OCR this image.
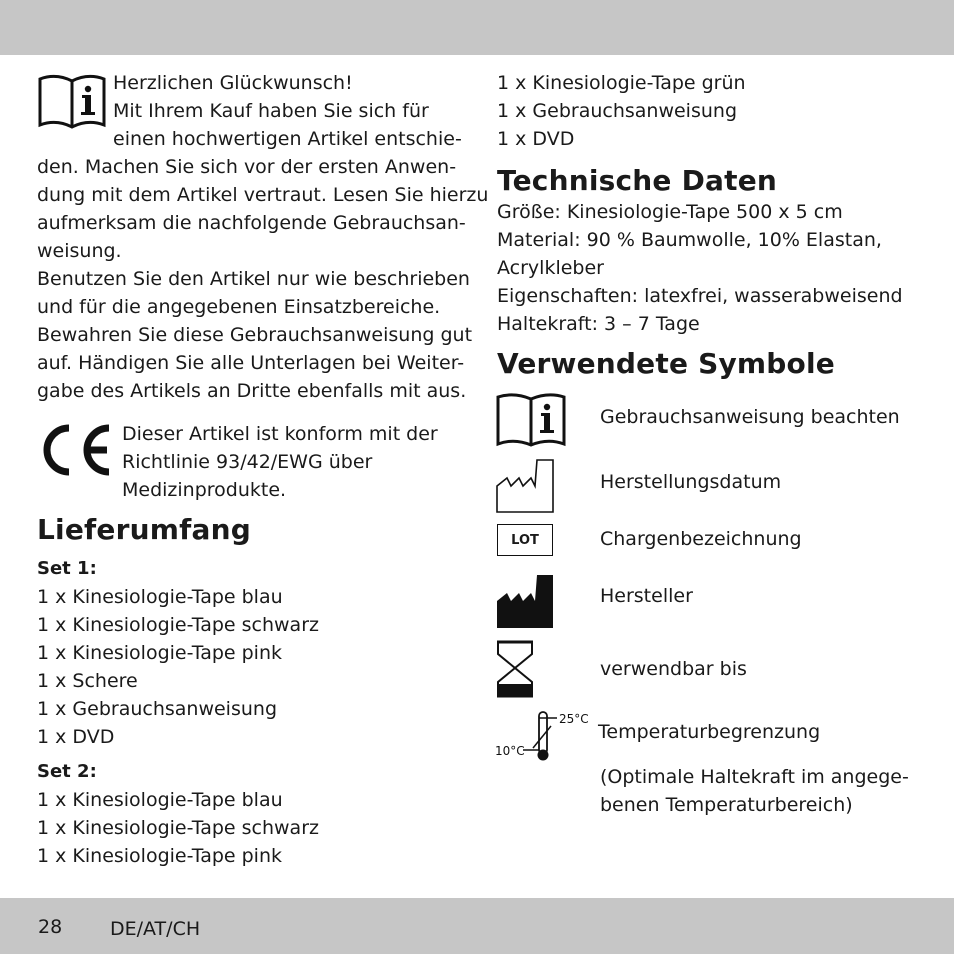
Herzlichen Glückwunsch!
Mit Ihrem Kauf haben Sie sich für
einen hochwertigen Artikel entschie-
den. Machen Sie sich vor der ersten Anwen-
dung mit dem Artikel vertraut. Lesen Sie hierzu
aufmerksam die nachfolgende Gebrauchsan-
weisung.
Benutzen Sie den Artikel nur wie beschrieben
und für die angegebenen Einsatzbereiche.
Bewahren Sie diese Gebrauchsanweisung gut
auf. Händigen Sie alle Unterlagen bei Weiter-
gabe des Artikels an Dritte ebenfalls mit aus.
Dieser Artikel ist konform mit der
Richtlinie 93/42/EWG über
Medizinprodukte.
Lieferumfang
Set 1:
1 x Kinesiologie-Tape blau
1 x Kinesiologie-Tape schwarz
1 x Kinesiologie-Tape pink
1 x Schere
1 x Gebrauchsanweisung
1 x DVD
Set 2:
1 x Kinesiologie-Tape blau
1 x Kinesiologie-Tape schwarz
1 x Kinesiologie-Tape pink
1 x Kinesiologie-Tape grün
1 x Gebrauchsanweisung
1 x DVD
Technische Daten
Größe: Kinesiologie-Tape 500 x 5 cm
Material: 90 % Baumwolle, 10% Elastan,
Acrylkleber
Eigenschaften: latexfrei, wasserabweisend
Haltekraft: 3 – 7 Tage
Verwendete Symbole
Gebrauchsanweisung beachten
Herstellungsdatum
LOT	Chargenbezeichnung
Hersteller
verwendbar bis
25°C
10°C
Temperaturbegrenzung
(Optimale Haltekraft im angege-
benen Temperaturbereich)
28	DE/AT/CH
